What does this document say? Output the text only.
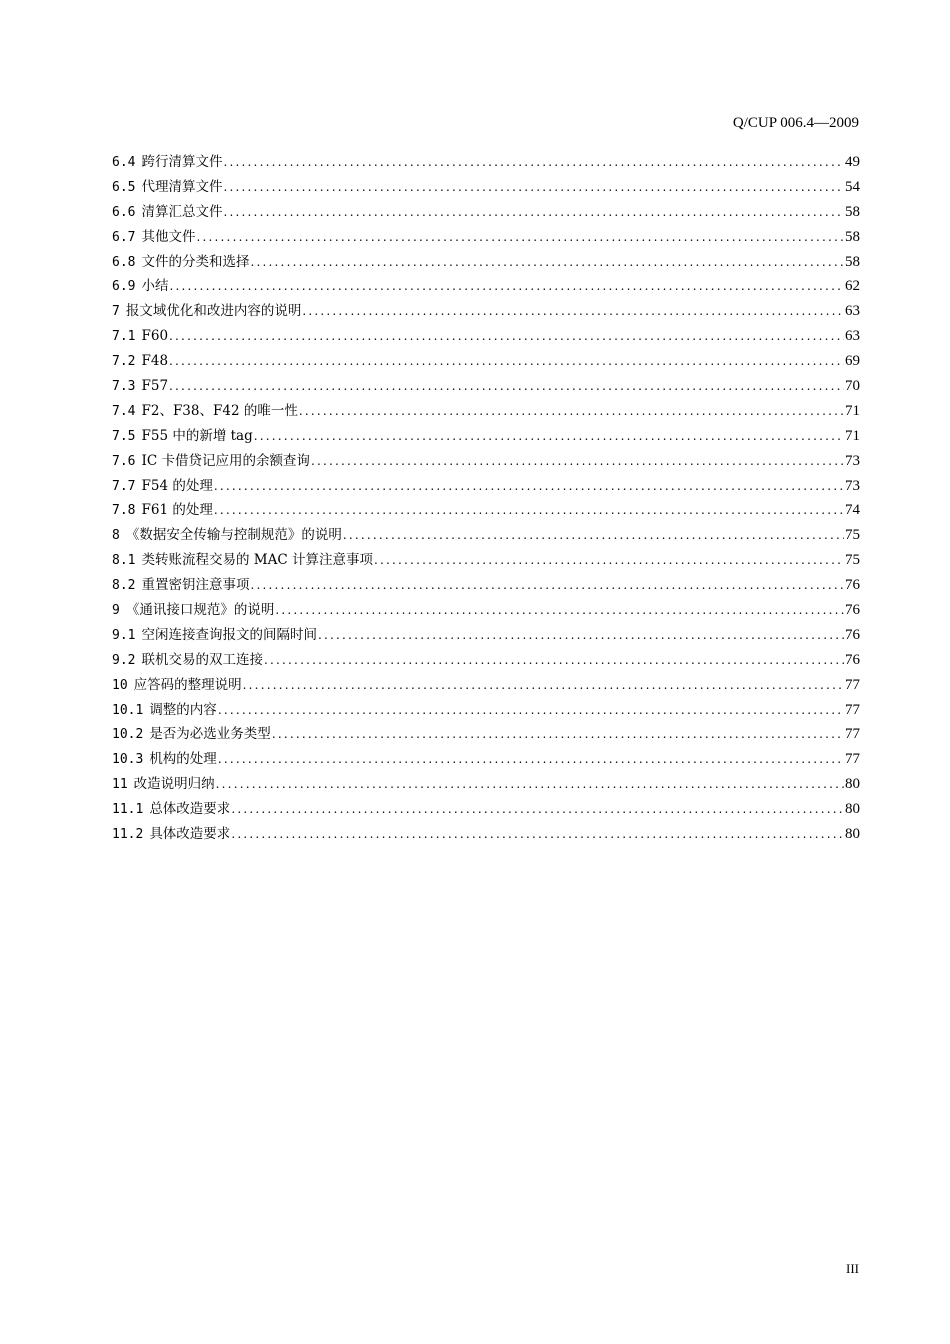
Q/CUP 006.4—2009
6.4 跨行清算文件 .....	49
6.5 代理清算文件 .....	54
6.6 清算汇总文件 .....	58
6.7 其他文件 .....	58
6.8 文件的分类和选择 .....	58
6.9 小结 .....	62
7 报文域优化和改进内容的说明 .....	63
7.1 F60 .....	63
7.2 F48 .....	69
7.3 F57 .....	70
7.4 F2、F38、F42 的唯一性 .....	71
7.5 F55 中的新增 tag .....	71
7.6 IC 卡借贷记应用的余额查询 .....	73
7.7 F54 的处理 .....	73
7.8 F61 的处理 .....	74
8 《数据安全传输与控制规范》的说明 .....	75
8.1 类转账流程交易的 MAC 计算注意事项 .....	75
8.2 重置密钥注意事项 .....	76
9 《通讯接口规范》的说明 .....	76
9.1 空闲连接查询报文的间隔时间 .....	76
9.2 联机交易的双工连接 .....	76
10 应答码的整理说明 .....	77
10.1 调整的内容 .....	77
10.2 是否为必选业务类型 .....	77
10.3 机构的处理 .....	77
11 改造说明归纳 .....	80
11.1 总体改造要求 .....	80
11.2 具体改造要求 .....	80
III
